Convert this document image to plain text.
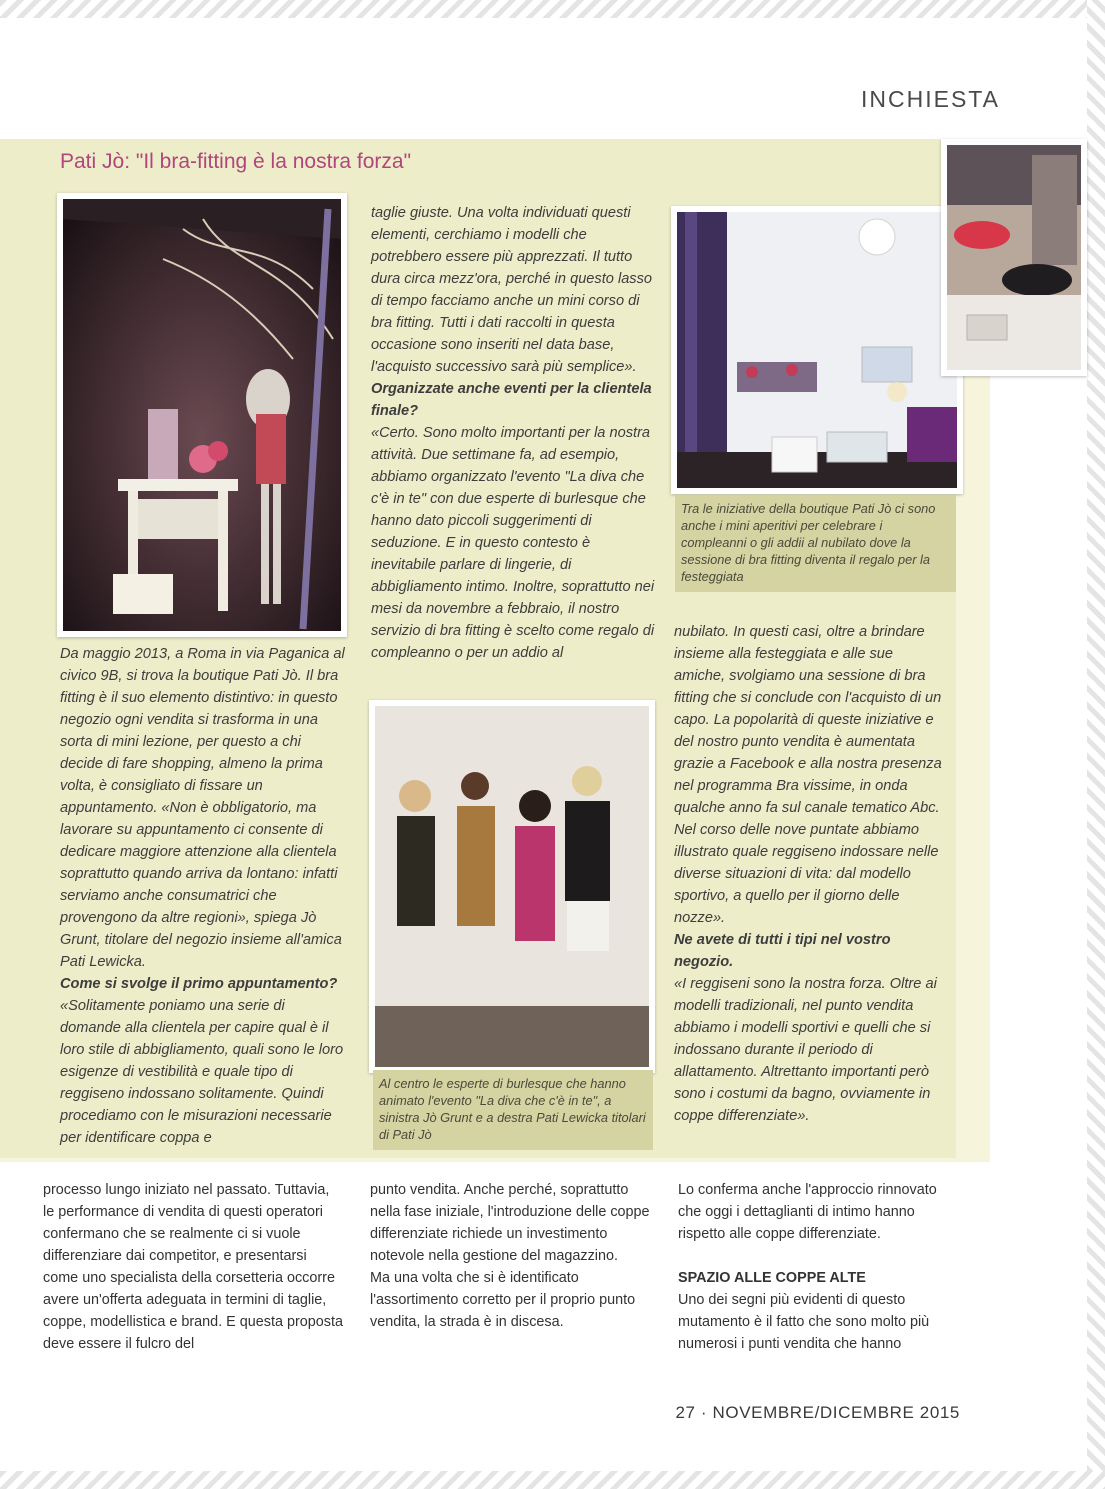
INCHIESTA
Pati Jò: "Il bra-fitting è la nostra forza"
Tra le iniziative della boutique Pati Jò ci sono anche i mini aperitivi per celebrare i compleanni o gli addii al nubilato dove la sessione di bra fitting diventa il regalo per la festeggiata
Al centro le esperte di burlesque che hanno animato l'evento "La diva che c'è in te", a sinistra Jò Grunt e a destra Pati Lewicka titolari di Pati Jò

Da maggio 2013, a Roma in via Paganica al civico 9B, si trova la boutique Pati Jò. Il bra fitting è il suo elemento distintivo: in questo negozio ogni vendita si trasforma in una sorta di mini lezione, per questo a chi decide di fare shopping, almeno la prima volta, è consigliato di fissare un appuntamento. «Non è obbligatorio, ma lavorare su appuntamento ci consente di dedicare maggiore attenzione alla clientela soprattutto quando arriva da lontano: infatti serviamo anche consumatrici che provengono da altre regioni», spiega Jò Grunt, titolare del negozio insieme all'amica Pati Lewicka.

Come si svolge il primo appuntamento?

«Solitamente poniamo una serie di domande alla clientela per capire qual è il loro stile di abbigliamento, quali sono le loro esigenze di vestibilità e quale tipo di reggiseno indossano solitamente. Quindi procediamo con le misurazioni necessarie per identificare coppa e

taglie giuste. Una volta individuati questi elementi, cerchiamo i modelli che potrebbero essere più apprezzati. Il tutto dura circa mezz'ora, perché in questo lasso di tempo facciamo anche un mini corso di bra fitting. Tutti i dati raccolti in questa occasione sono inseriti nel data base, l'acquisto successivo sarà più semplice».

Organizzate anche eventi per la clientela finale?

«Certo. Sono molto importanti per la nostra attività. Due settimane fa, ad esempio, abbiamo organizzato l'evento "La diva che c'è in te" con due esperte di burlesque che hanno dato piccoli suggerimenti di seduzione. E in questo contesto è inevitabile parlare di lingerie, di abbigliamento intimo. Inoltre, soprattutto nei mesi da novembre a febbraio, il nostro servizio di bra fitting è scelto come regalo di compleanno o per un addio al

nubilato. In questi casi, oltre a brindare insieme alla festeggiata e alle sue amiche, svolgiamo una sessione di bra fitting che si conclude con l'acquisto di un capo. La popolarità di queste iniziative e del nostro punto vendita è aumentata grazie a Facebook e alla nostra presenza nel programma Bra vissime, in onda qualche anno fa sul canale tematico Abc. Nel corso delle nove puntate abbiamo illustrato quale reggiseno indossare nelle diverse situazioni di vita: dal modello sportivo, a quello per il giorno delle nozze».

Ne avete di tutti i tipi nel vostro negozio.

«I reggiseni sono la nostra forza. Oltre ai modelli tradizionali, nel punto vendita abbiamo i modelli sportivi e quelli che si indossano durante il periodo di allattamento. Altrettanto importanti però sono i costumi da bagno, ovviamente in coppe differenziate».

processo lungo iniziato nel passato. Tuttavia, le performance di vendita di questi operatori confermano che se realmente ci si vuole differenziare dai competitor, e presentarsi come uno specialista della corsetteria occorre avere un'offerta adeguata in termini di taglie, coppe, modellistica e brand. E questa proposta deve essere il fulcro del

punto vendita. Anche perché, soprattutto nella fase iniziale, l'introduzione delle coppe differenziate richiede un investimento notevole nella gestione del magazzino.

Ma una volta che si è identificato l'assortimento corretto per il proprio punto vendita, la strada è in discesa.

Lo conferma anche l'approccio rinnovato che oggi i dettaglianti di intimo hanno rispetto alle coppe differenziate.

SPAZIO ALLE COPPE ALTE

Uno dei segni più evidenti di questo mutamento è il fatto che sono molto più numerosi i punti vendita che hanno

27 · NOVEMBRE/DICEMBRE 2015
